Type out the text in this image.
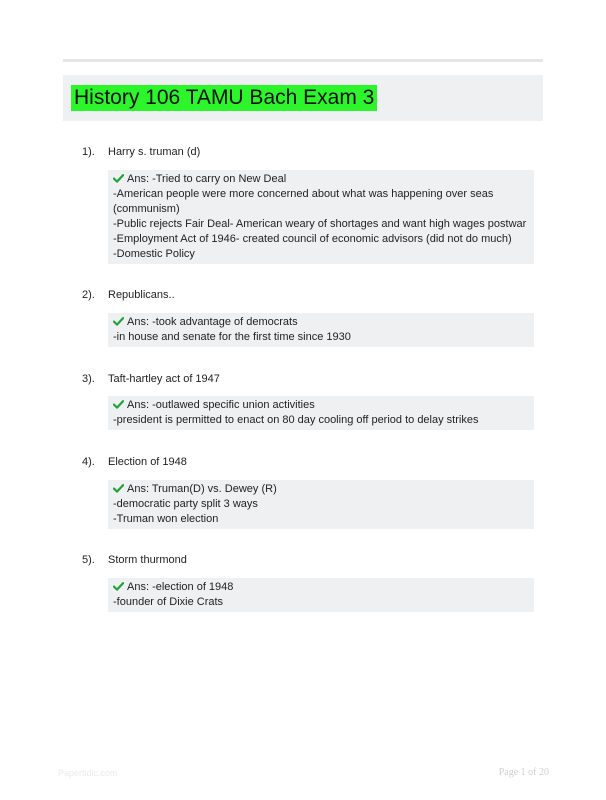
History 106 TAMU Bach Exam 3
1). Harry s. truman (d)
Ans: -Tried to carry on New Deal
-American people were more concerned about what was happening over seas
(communism)
-Public rejects Fair Deal- American weary of shortages and want high wages postwar
-Employment Act of 1946- created council of economic advisors (did not do much)
-Domestic Policy
2). Republicans..
Ans: -took advantage of democrats
-in house and senate for the first time since 1930
3). Taft-hartley act of 1947
Ans: -outlawed specific union activities
-president is permitted to enact on 80 day cooling off period to delay strikes
4). Election of 1948
Ans: Truman(D) vs. Dewey (R)
-democratic party split 3 ways
-Truman won election
5). Storm thurmond
Ans: -election of 1948
-founder of Dixie Crats
Papertidic.com	Page 1 of 20
